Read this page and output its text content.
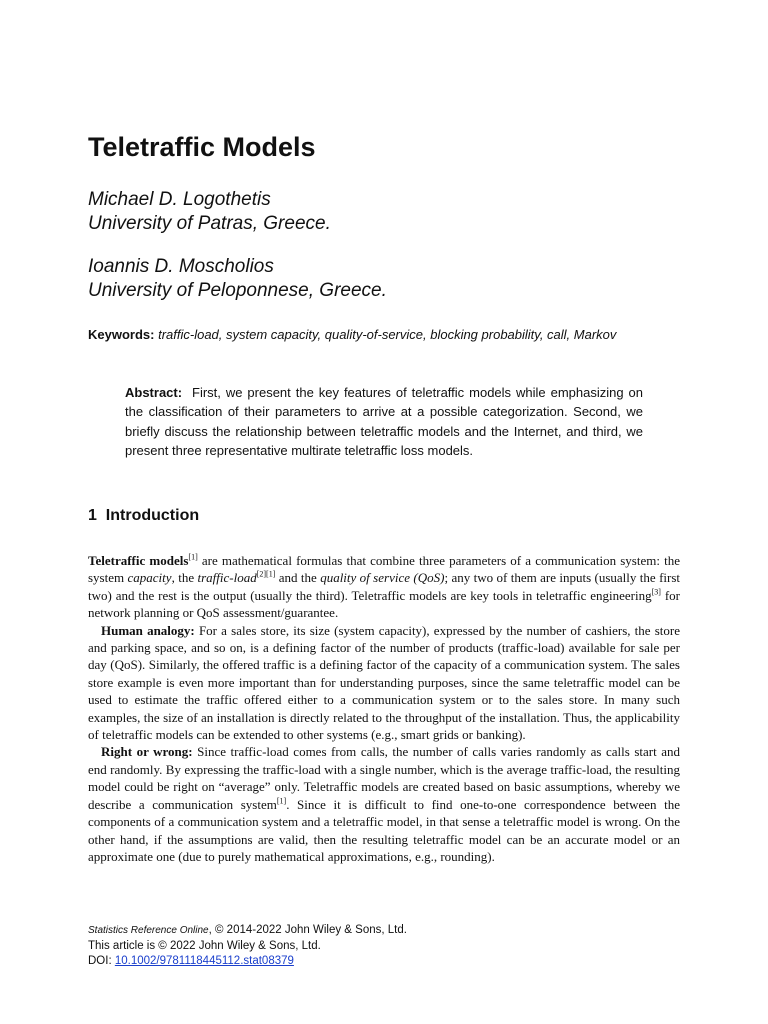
Teletraffic Models
Michael D. Logothetis
University of Patras, Greece.
Ioannis D. Moscholios
University of Peloponnese, Greece.
Keywords: traffic-load, system capacity, quality-of-service, blocking probability, call, Markov

Abstract: First, we present the key features of teletraffic models while emphasizing on the classification of their parameters to arrive at a possible categorization. Second, we briefly discuss the relationship between teletraffic models and the Internet, and third, we present three representative multirate teletraffic loss models.

1 Introduction

Teletraffic models[1] are mathematical formulas that combine three parameters of a communication system: the system capacity, the traffic-load[2][1] and the quality of service (QoS); any two of them are inputs (usually the first two) and the rest is the output (usually the third). Teletraffic models are key tools in teletraffic engineering[3] for network planning or QoS assessment/guarantee.

Human analogy: For a sales store, its size (system capacity), expressed by the number of cashiers, the store and parking space, and so on, is a defining factor of the number of products (traffic-load) available for sale per day (QoS). Similarly, the offered traffic is a defining factor of the capacity of a communication system. The sales store example is even more important than for understanding purposes, since the same teletraffic model can be used to estimate the traffic offered either to a communication system or to the sales store. In many such examples, the size of an installation is directly related to the throughput of the installation. Thus, the applicability of teletraffic models can be extended to other systems (e.g., smart grids or banking).

Right or wrong: Since traffic-load comes from calls, the number of calls varies randomly as calls start and end randomly. By expressing the traffic-load with a single number, which is the average traffic-load, the resulting model could be right on “average” only. Teletraffic models are created based on basic assumptions, whereby we describe a communication system[1]. Since it is difficult to find one-to-one correspondence between the components of a communication system and a teletraffic model, in that sense a teletraffic model is wrong. On the other hand, if the assumptions are valid, then the resulting teletraffic model can be an accurate model or an approximate one (due to purely mathematical approximations, e.g., rounding).

Statistics Reference Online, © 2014-2022 John Wiley & Sons, Ltd.
This article is © 2022 John Wiley & Sons, Ltd.
DOI: 10.1002/9781118445112.stat08379
